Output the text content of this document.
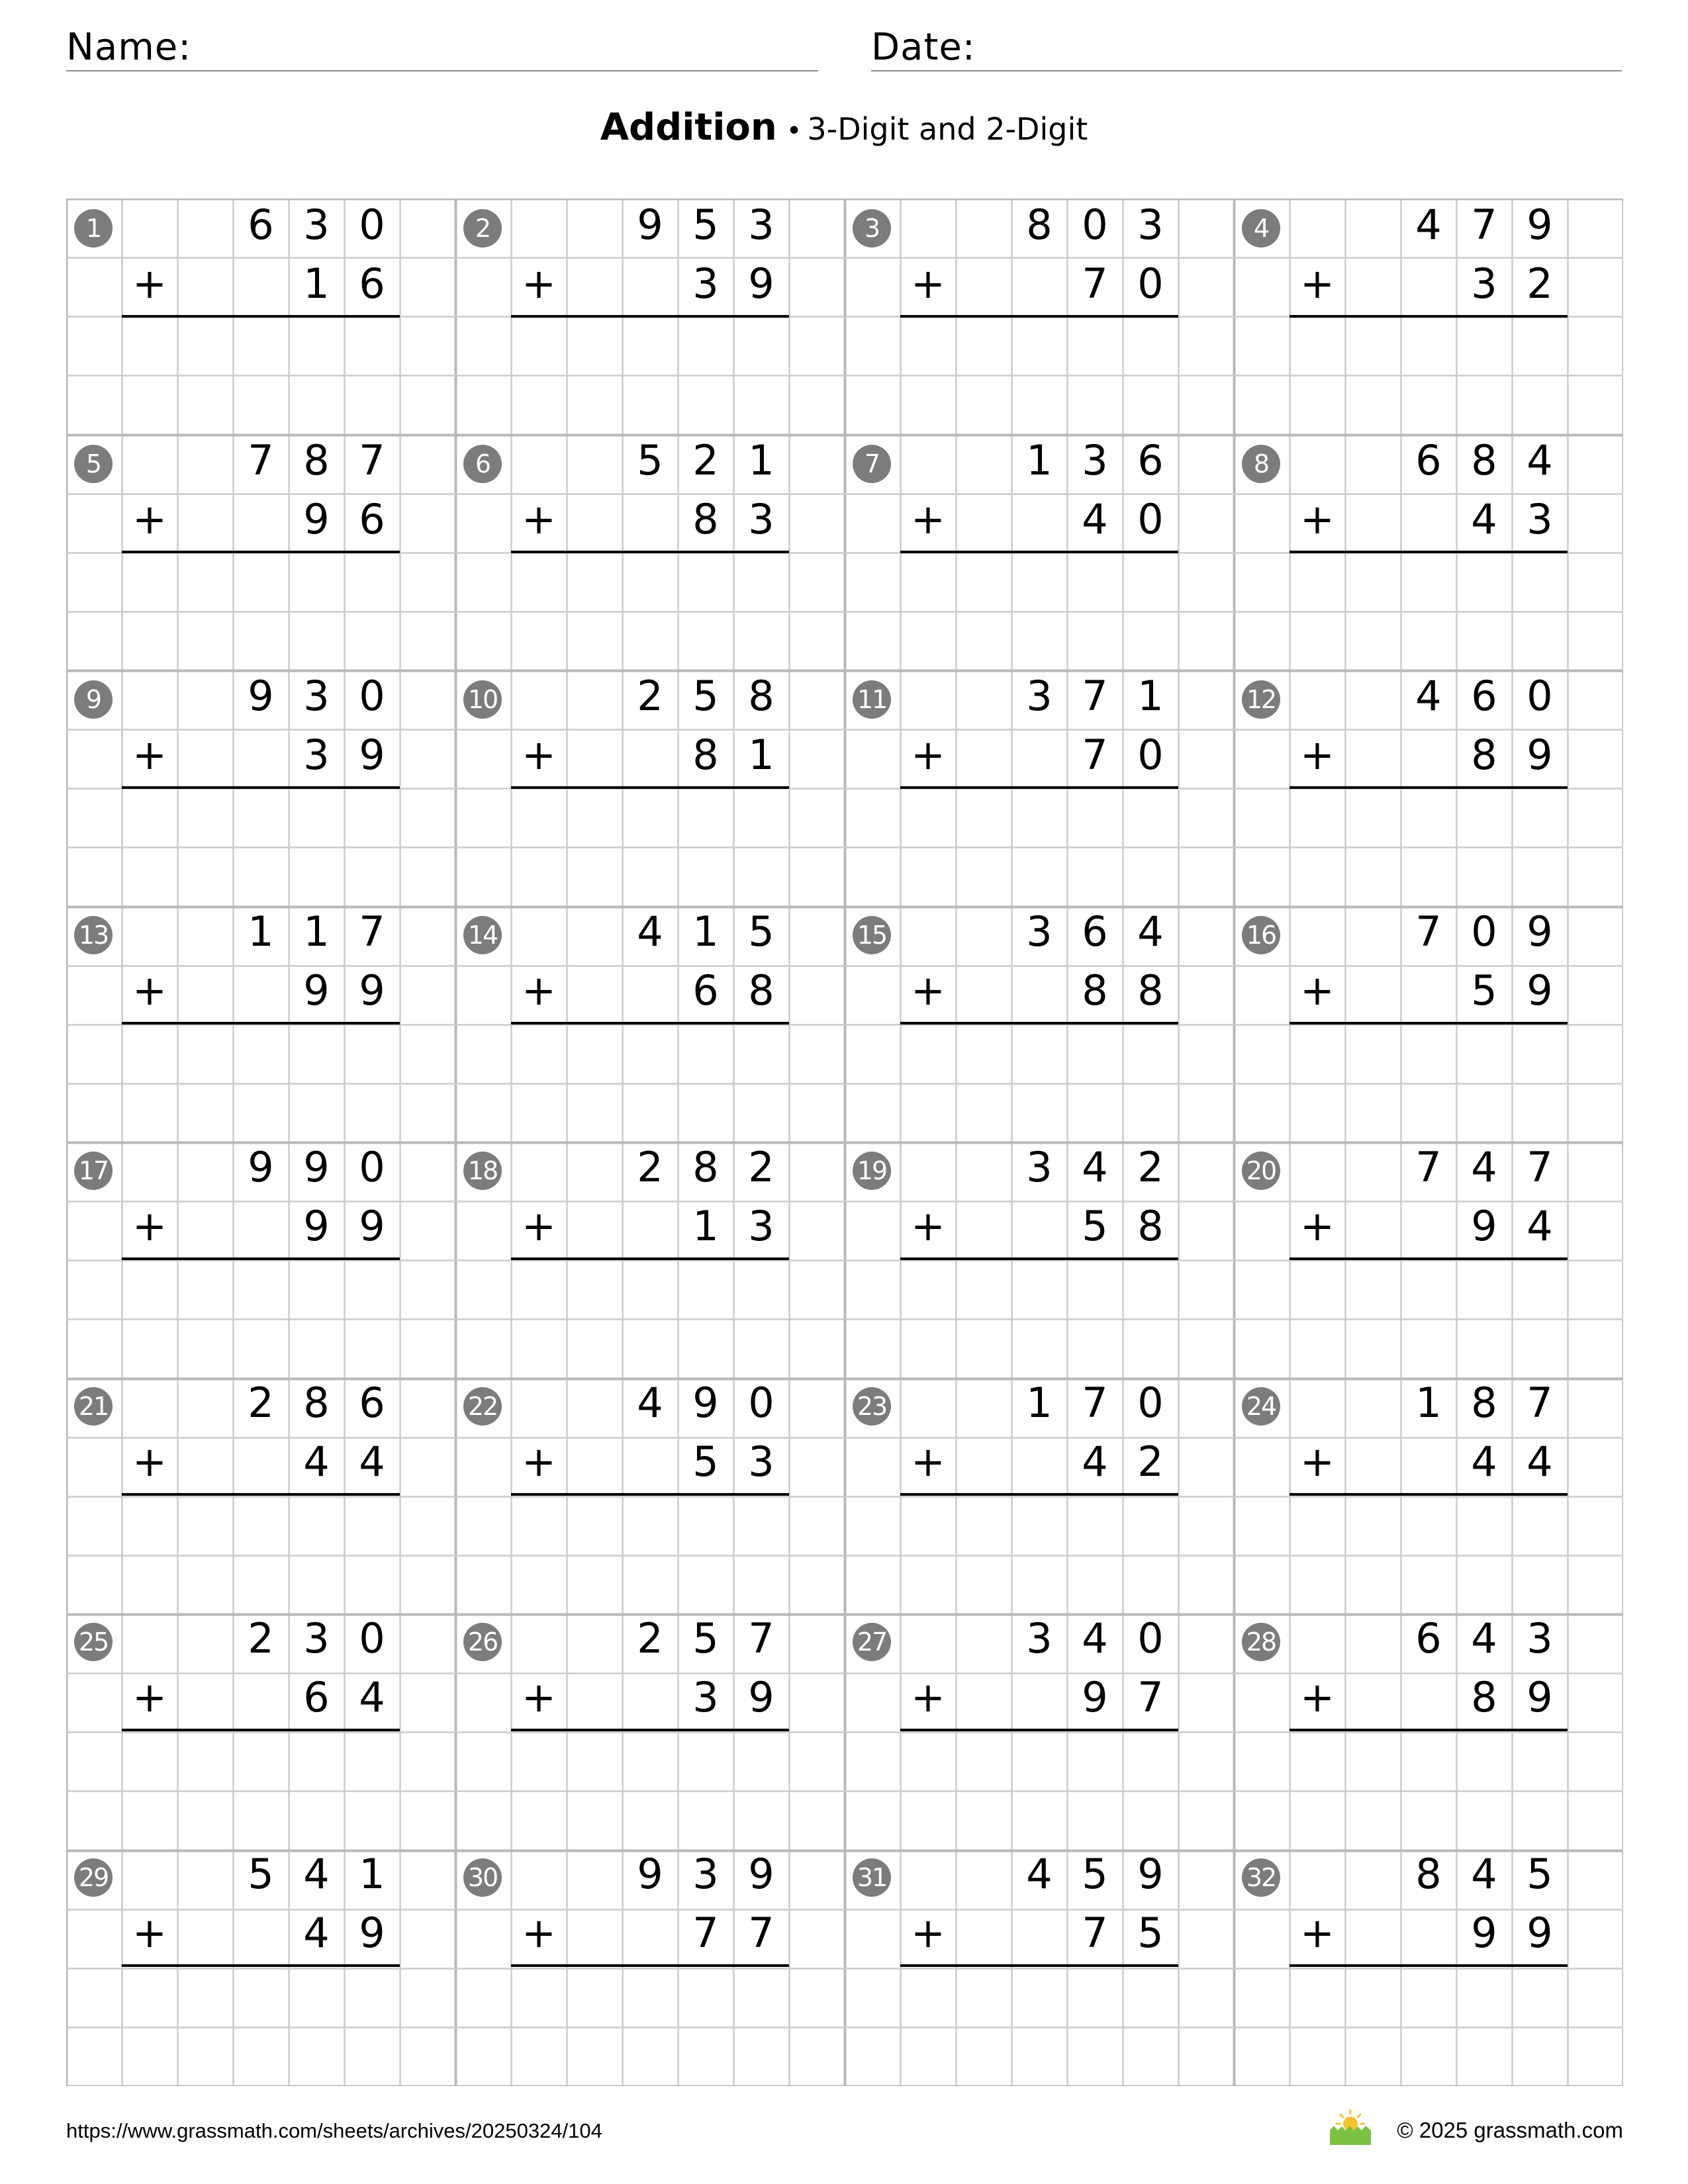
Name:	Date:
Addition • 3-Digit and 2-Digit
1	6 3 0
1 6
+
2	9 5 3
3 9
+
3	8 0 3
7 0
+
4	4 7 9
3 2
+
5	7 8 7
9 6
+
6	5 2 1
8 3
+
7	1 3 6
4 0
+
8	6 8 4
4 3
+
9	9 3 0
3 9
+
10	2 5 8
8 1
+
11	3 7 1
7 0
+
12	4 6 0
8 9
+
13	1 1 7
9 9
+
14	4 1 5
6 8
+
15	3 6 4
8 8
+
16	7 0 9
5 9
+
17	9 9 0
9 9
+
18	2 8 2
1 3
+
19	3 4 2
5 8
+
20	7 4 7
9 4
+
21	2 8 6
4 4
+
22	4 9 0
5 3
+
23	1 7 0
4 2
+
24	1 8 7
4 4
+
25	2 3 0
6 4
+
26	2 5 7
3 9
+
27	3 4 0
9 7
+
28	6 4 3
8 9
+
29	5 4 1
4 9
+
30	9 3 9
7 7
+
31	4 5 9
7 5
+
32	8 4 5
9 9
+
https://www.grassmath.com/sheets/archives/20250324/104	© 2025 grassmath.com
